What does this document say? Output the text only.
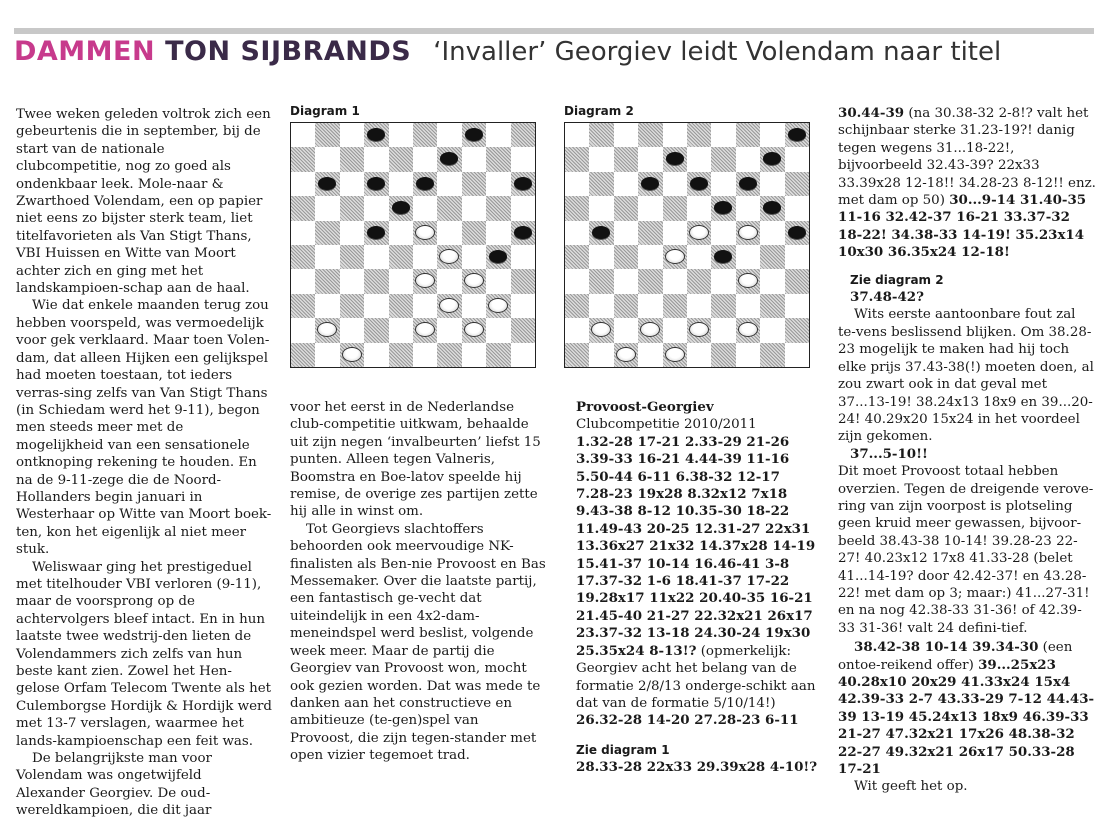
DAMMEN TON SIJBRANDS ‘Invaller’ Georgiev leidt Volendam naar titel

Twee weken geleden voltrok zich een gebeurtenis die in september, bij de start van de nationale clubcompetitie, nog zo goed als ondenkbaar leek. Mole-naar & Zwarthoed Volendam, een op papier niet eens zo bijster sterk team, liet titelfavorieten als Van Stigt Thans, VBI Huissen en Witte van Moort achter zich en ging met het landskampioen-schap aan de haal.

Wie dat enkele maanden terug zou hebben voorspeld, was vermoedelijk voor gek verklaard. Maar toen Volen-dam, dat alleen Hijken een gelijkspel had moeten toestaan, tot ieders verras-sing zelfs van Van Stigt Thans (in Schiedam werd het 9-11), begon men steeds meer met de mogelijkheid van een sensationele ontknoping rekening te houden. En na de 9-11-zege die de Noord-Hollanders begin januari in Westerhaar op Witte van Moort boek-ten, kon het eigenlijk al niet meer stuk.

Weliswaar ging het prestigeduel met titelhouder VBI verloren (9-11), maar de voorsprong op de achtervolgers bleef intact. En in hun laatste twee wedstrij-den lieten de Volendammers zich zelfs van hun beste kant zien. Zowel het Hen-gelose Orfam Telecom Twente als het Culemborgse Hordijk & Hordijk werd met 13-7 verslagen, waarmee het lands-kampioenschap een feit was.

De belangrijkste man voor Volendam was ongetwijfeld Alexander Georgiev. De oud-wereldkampioen, die dit jaar

Diagram 1	Diagram 2

voor het eerst in de Nederlandse club-competitie uitkwam, behaalde uit zijn negen ‘invalbeurten’ liefst 15 punten. Alleen tegen Valneris, Boomstra en Boe-latov speelde hij remise, de overige zes partijen zette hij alle in winst om.

Tot Georgievs slachtoffers behoorden ook meervoudige NK-finalisten als Ben-nie Provoost en Bas Messemaker. Over die laatste partij, een fantastisch ge-vecht dat uiteindelijk in een 4x2-dam-meneindspel werd beslist, volgende week meer. Maar de partij die Georgiev van Provoost won, mocht ook gezien worden. Dat was mede te danken aan het constructieve en ambitieuze (te-gen)spel van Provoost, die zijn tegen-stander met open vizier tegemoet trad.

Provoost-Georgiev

Clubcompetitie 2010/2011

1.32-28 17-21 2.33-29 21-26 3.39-33 16-21 4.44-39 11-16 5.50-44 6-11 6.38-32 12-17 7.28-23 19x28 8.32x12 7x18 9.43-38 8-12 10.35-30 18-22 11.49-43 20-25 12.31-27 22x31 13.36x27 21x32 14.37x28 14-19 15.41-37 10-14 16.46-41 3-8 17.37-32 1-6 18.41-37 17-22 19.28x17 11x22 20.40-35 16-21 21.45-40 21-27 22.32x21 26x17 23.37-32 13-18 24.30-24 19x30 25.35x24 8-13!? (opmerkelijk: Georgiev acht het belang van de formatie 2/8/13 onderge-schikt aan dat van de formatie 5/10/14!) 26.32-28 14-20 27.28-23 6-11

Zie diagram 1

28.33-28 22x33 29.39x28 4-10!?

30.44-39 (na 30.38-32 2-8!? valt het schijnbaar sterke 31.23-19?! danig tegen wegens 31...18-22!, bijvoorbeeld 32.43-39? 22x33 33.39x28 12-18!! 34.28-23 8-12!! enz. met dam op 50) 30...9-14 31.40-35 11-16 32.42-37 16-21 33.37-32 18-22! 34.38-33 14-19! 35.23x14 10x30 36.35x24 12-18!

Zie diagram 2

37.48-42?

Wits eerste aantoonbare fout zal te-vens beslissend blijken. Om 38.28-23 mogelijk te maken had hij toch elke prijs 37.43-38(!) moeten doen, al zou zwart ook in dat geval met 37...13-19! 38.24x13 18x9 en 39...20-24! 40.29x20 15x24 in het voordeel zijn gekomen.

37...5-10!!

Dit moet Provoost totaal hebben overzien. Tegen de dreigende verove-ring van zijn voorpost is plotseling geen kruid meer gewassen, bijvoor-beeld 38.43-38 10-14! 39.28-23 22-27! 40.23x12 17x8 41.33-28 (belet 41...14-19? door 42.42-37! en 43.28-22! met dam op 3; maar:) 41...27-31! en na nog 42.38-33 31-36! of 42.39-33 31-36! valt 24 defini-tief.

38.42-38 10-14 39.34-30 (een ontoe-reikend offer) 39...25x23 40.28x10 20x29 41.33x24 15x4 42.39-33 2-7 43.33-29 7-12 44.43-39 13-19 45.24x13 18x9 46.39-33 21-27 47.32x21 17x26 48.38-32 22-27 49.32x21 26x17 50.33-28 17-21

Wit geeft het op.
